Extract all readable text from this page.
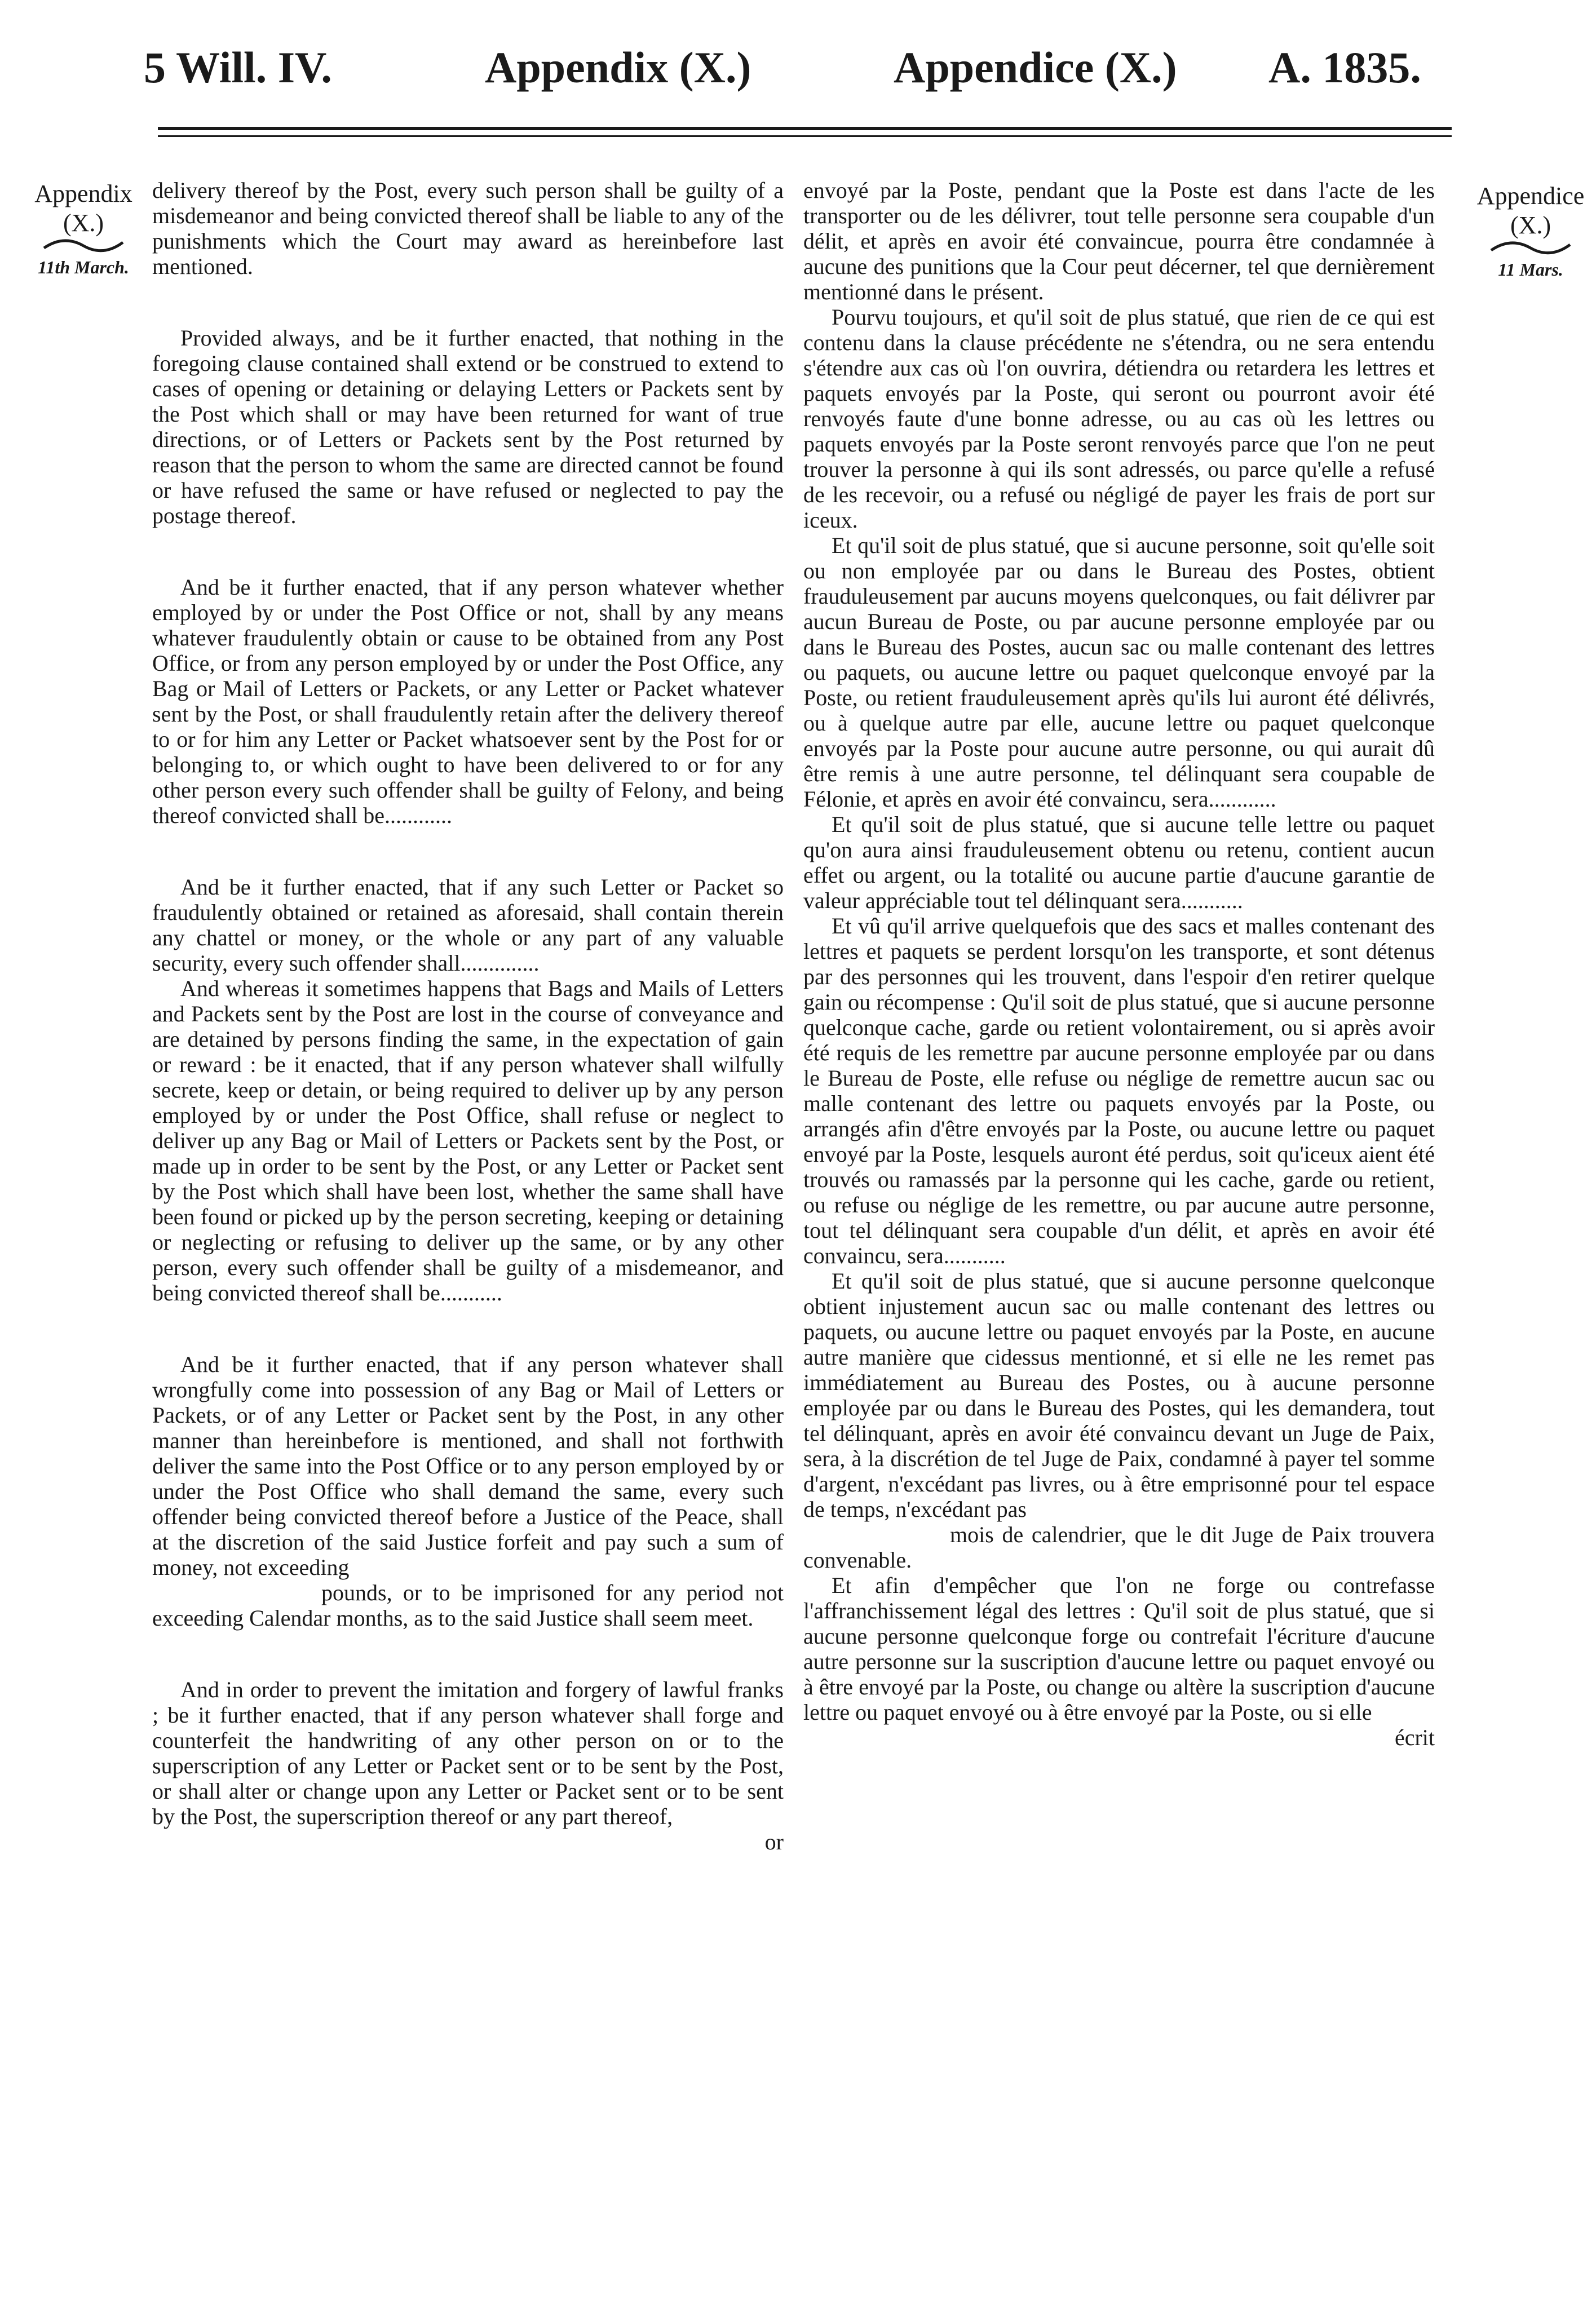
5 Will. IV.	Appendix (X.)	Appendice (X.) A. 1835.
Appendix
(X.)
11th March.
Appendice
(X.)
11 Mars.

delivery thereof by the Post, every such person shall be guilty of a misdemeanor and being convicted thereof shall be liable to any of the punishments which the Court may award as hereinbefore last mentioned.

Provided always, and be it further enacted, that nothing in the foregoing clause contained shall extend or be construed to extend to cases of opening or detaining or delaying Letters or Packets sent by the Post which shall or may have been returned for want of true directions, or of Letters or Packets sent by the Post returned by reason that the person to whom the same are directed cannot be found or have refused the same or have refused or neglected to pay the postage thereof.

And be it further enacted, that if any person whatever whether employed by or under the Post Office or not, shall by any means whatever fraudulently obtain or cause to be obtained from any Post Office, or from any person employed by or under the Post Office, any Bag or Mail of Letters or Packets, or any Letter or Packet whatever sent by the Post, or shall fraudulently retain after the delivery thereof to or for him any Letter or Packet whatsoever sent by the Post for or belonging to, or which ought to have been delivered to or for any other person every such offender shall be guilty of Felony, and being thereof convicted shall be............

And be it further enacted, that if any such Letter or Packet so fraudulently obtained or retained as aforesaid, shall contain therein any chattel or money, or the whole or any part of any valuable security, every such offender shall..............

And whereas it sometimes happens that Bags and Mails of Letters and Packets sent by the Post are lost in the course of conveyance and are detained by persons finding the same, in the expectation of gain or reward : be it enacted, that if any person whatever shall wilfully secrete, keep or detain, or being required to deliver up by any person employed by or under the Post Office, shall refuse or neglect to deliver up any Bag or Mail of Letters or Packets sent by the Post, or made up in order to be sent by the Post, or any Letter or Packet sent by the Post which shall have been lost, whether the same shall have been found or picked up by the person secreting, keeping or detaining or neglecting or refusing to deliver up the same, or by any other person, every such offender shall be guilty of a misdemeanor, and being convicted thereof shall be...........

And be it further enacted, that if any person whatever shall wrongfully come into possession of any Bag or Mail of Letters or Packets, or of any Letter or Packet sent by the Post, in any other manner than hereinbefore is mentioned, and shall not forthwith deliver the same into the Post Office or to any person employed by or under the Post Office who shall demand the same, every such offender being convicted thereof before a Justice of the Peace, shall at the discretion of the said Justice forfeit and pay such a sum of money, not exceeding

pounds, or to be imprisoned for any period not exceeding Calendar months, as to the said Justice shall seem meet.

And in order to prevent the imitation and forgery of lawful franks ; be it further enacted, that if any person whatever shall forge and counterfeit the handwriting of any other person on or to the superscription of any Letter or Packet sent or to be sent by the Post, or shall alter or change upon any Letter or Packet sent or to be sent by the Post, the superscription thereof or any part thereof,

or

envoyé par la Poste, pendant que la Poste est dans l'acte de les transporter ou de les délivrer, tout telle personne sera coupable d'un délit, et après en avoir été convaincue, pourra être condamnée à aucune des punitions que la Cour peut décerner, tel que dernièrement mentionné dans le présent.

Pourvu toujours, et qu'il soit de plus statué, que rien de ce qui est contenu dans la clause précédente ne s'étendra, ou ne sera entendu s'étendre aux cas où l'on ouvrira, détiendra ou retardera les lettres et paquets envoyés par la Poste, qui seront ou pourront avoir été renvoyés faute d'une bonne adresse, ou au cas où les lettres ou paquets envoyés par la Poste seront renvoyés parce que l'on ne peut trouver la personne à qui ils sont adressés, ou parce qu'elle a refusé de les recevoir, ou a refusé ou négligé de payer les frais de port sur iceux.

Et qu'il soit de plus statué, que si aucune personne, soit qu'elle soit ou non employée par ou dans le Bureau des Postes, obtient frauduleusement par aucuns moyens quelconques, ou fait délivrer par aucun Bureau de Poste, ou par aucune personne employée par ou dans le Bureau des Postes, aucun sac ou malle contenant des lettres ou paquets, ou aucune lettre ou paquet quelconque envoyé par la Poste, ou retient frauduleusement après qu'ils lui auront été délivrés, ou à quelque autre par elle, aucune lettre ou paquet quelconque envoyés par la Poste pour aucune autre personne, ou qui aurait dû être remis à une autre personne, tel délinquant sera coupable de Félonie, et après en avoir été convaincu, sera............

Et qu'il soit de plus statué, que si aucune telle lettre ou paquet qu'on aura ainsi frauduleusement obtenu ou retenu, contient aucun effet ou argent, ou la totalité ou aucune partie d'aucune garantie de valeur appréciable tout tel délinquant sera...........

Et vû qu'il arrive quelquefois que des sacs et malles contenant des lettres et paquets se perdent lorsqu'on les transporte, et sont détenus par des personnes qui les trouvent, dans l'espoir d'en retirer quelque gain ou récompense : Qu'il soit de plus statué, que si aucune personne quelconque cache, garde ou retient volontairement, ou si après avoir été requis de les remettre par aucune personne employée par ou dans le Bureau de Poste, elle refuse ou néglige de remettre aucun sac ou malle contenant des lettre ou paquets envoyés par la Poste, ou arrangés afin d'être envoyés par la Poste, ou aucune lettre ou paquet envoyé par la Poste, lesquels auront été perdus, soit qu'iceux aient été trouvés ou ramassés par la personne qui les cache, garde ou retient, ou refuse ou néglige de les remettre, ou par aucune autre personne, tout tel délinquant sera coupable d'un délit, et après en avoir été convaincu, sera...........

Et qu'il soit de plus statué, que si aucune personne quelconque obtient injustement aucun sac ou malle contenant des lettres ou paquets, ou aucune lettre ou paquet envoyés par la Poste, en aucune autre manière que cidessus mentionné, et si elle ne les remet pas immédiatement au Bureau des Postes, ou à aucune personne employée par ou dans le Bureau des Postes, qui les demandera, tout tel délinquant, après en avoir été convaincu devant un Juge de Paix, sera, à la discrétion de tel Juge de Paix, condamné à payer tel somme d'argent, n'excédant pas livres, ou à être emprisonné pour tel espace de temps, n'excédant pas

mois de calendrier, que le dit Juge de Paix trouvera convenable.

Et afin d'empêcher que l'on ne forge ou contrefasse l'affranchissement légal des lettres : Qu'il soit de plus statué, que si aucune personne quelconque forge ou contrefait l'écriture d'aucune autre personne sur la suscription d'aucune lettre ou paquet envoyé ou à être envoyé par la Poste, ou change ou altère la suscription d'aucune lettre ou paquet envoyé ou à être envoyé par la Poste, ou si elle

écrit
